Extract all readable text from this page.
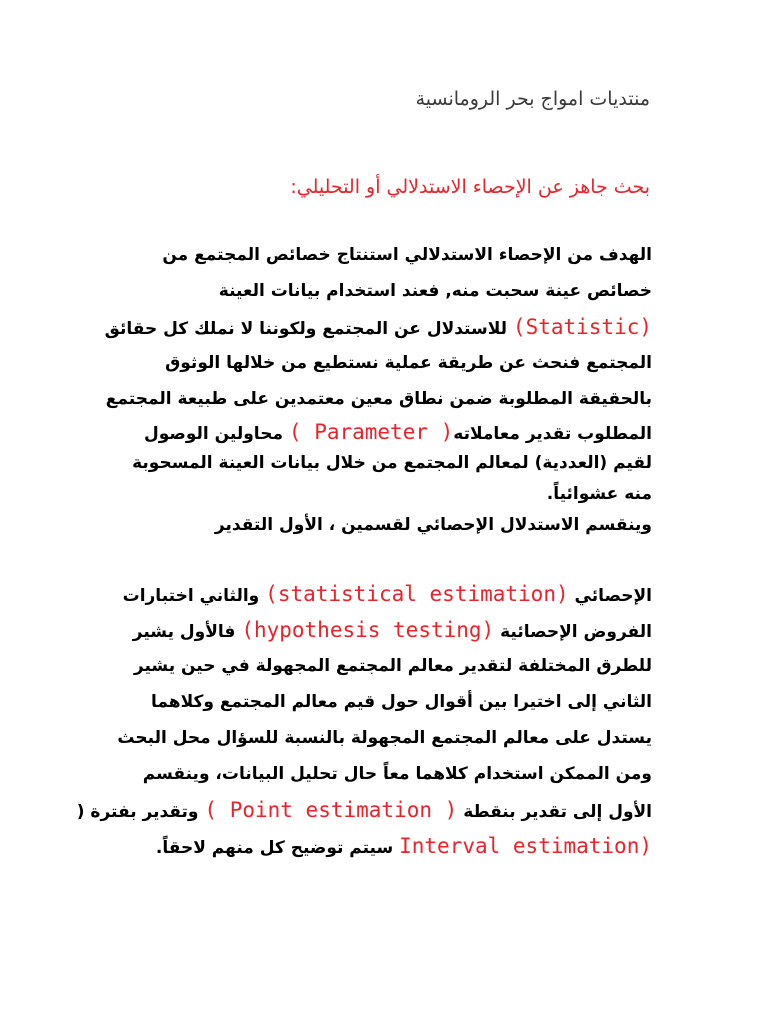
منتديات امواج بحر الرومانسية
بحث جاهز عن الإحصاء الاستدلالي أو التحليلي:
الهدف من الإحصاء الاستدلالي استنتاج خصائص المجتمع من
خصائص عينة سحبت منه, فعند استخدام بيانات العينة
(Statistic) للاستدلال عن المجتمع ولكوننا لا نملك كل حقائق
المجتمع فنحث عن طريقة عملية نستطيع من خلالها الوثوق
بالحقيقة المطلوبة ضمن نطاق معين معتمدين على طبيعة المجتمع
المطلوب تقدير معاملاته( Parameter ) محاولين الوصول
لقيم (العددية) لمعالم المجتمع من خلال بيانات العينة المسحوبة
منه عشوائياً.
وينقسم الاستدلال الإحصائي لقسمين ، الأول التقدير
الإحصائي (statistical estimation) والثاني اختبارات
الفروض الإحصائية (hypothesis testing) فالأول يشير
للطرق المختلفة لتقدير معالم المجتمع المجهولة في حين يشير
الثاني إلى اختيرا بين أقوال حول قيم معالم المجتمع وكلاهما
يستدل على معالم المجتمع المجهولة بالنسبة للسؤال محل البحث
ومن الممكن استخدام كلاهما معاً حال تحليل البيانات، وينقسم
الأول إلى تقدير بنقطة ( Point estimation ) وتقدير بفترة (
Interval estimation) سيتم توضيح كل منهم لاحقاً.
